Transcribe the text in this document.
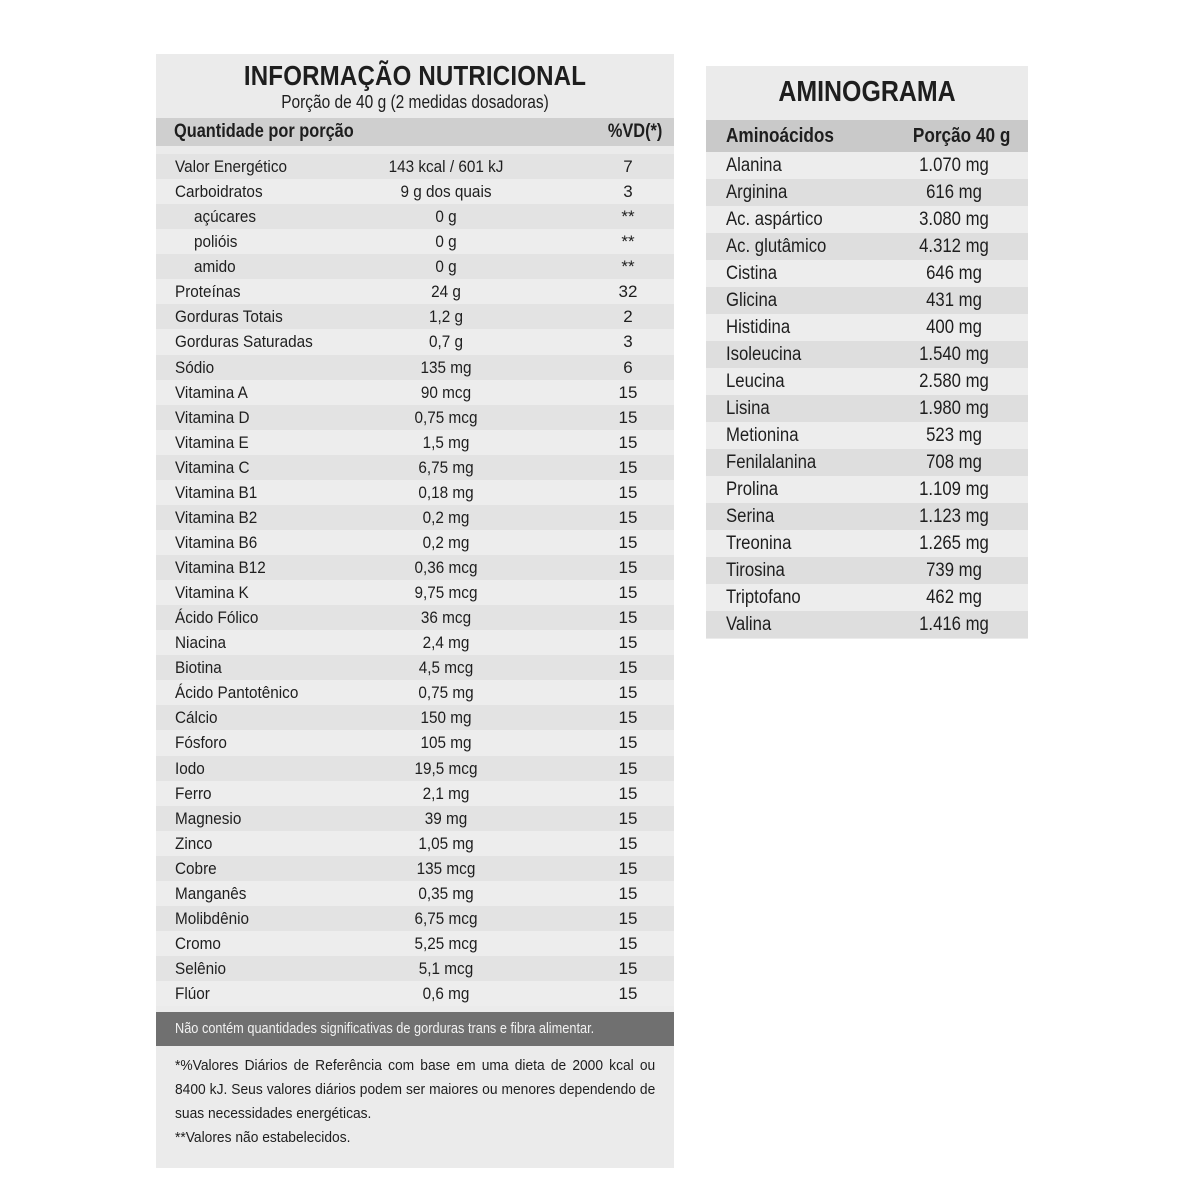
INFORMAÇÃO NUTRICIONAL
Porção de 40 g (2 medidas dosadoras)
Quantidade por porção	%VD(*)
Valor Energético	143 kcal / 601 kJ	7
Carboidratos	9 g dos quais	3
açúcares	0 g	**
polióis	0 g	**
amido	0 g	**
Proteínas	24 g	32
Gorduras Totais	1,2 g	2
Gorduras Saturadas	0,7 g	3
Sódio	135 mg	6
Vitamina A	90 mcg	15
Vitamina D	0,75 mcg	15
Vitamina E	1,5 mg	15
Vitamina C	6,75 mg	15
Vitamina B1	0,18 mg	15
Vitamina B2	0,2 mg	15
Vitamina B6	0,2 mg	15
Vitamina B12	0,36 mcg	15
Vitamina K	9,75 mcg	15
Ácido Fólico	36 mcg	15
Niacina	2,4 mg	15
Biotina	4,5 mcg	15
Ácido Pantotênico	0,75 mg	15
Cálcio	150 mg	15
Fósforo	105 mg	15
Iodo	19,5 mcg	15
Ferro	2,1 mg	15
Magnesio	39 mg	15
Zinco	1,05 mg	15
Cobre	135 mcg	15
Manganês	0,35 mg	15
Molibdênio	6,75 mcg	15
Cromo	5,25 mcg	15
Selênio	5,1 mcg	15
Flúor	0,6 mg	15
Não contém quantidades significativas de gorduras trans e fibra alimentar.
*%Valores Diários de Referência com base em uma dieta de 2000 kcal ou 8400 kJ. Seus valores diários podem ser maiores ou menores dependendo de suas necessidades energéticas.
**Valores não estabelecidos.
AMINOGRAMA
Aminoácidos	Porção 40 g
Alanina	1.070 mg
Arginina	616 mg
Ac. aspártico	3.080 mg
Ac. glutâmico	4.312 mg
Cistina	646 mg
Glicina	431 mg
Histidina	400 mg
Isoleucina	1.540 mg
Leucina	2.580 mg
Lisina	1.980 mg
Metionina	523 mg
Fenilalanina	708 mg
Prolina	1.109 mg
Serina	1.123 mg
Treonina	1.265 mg
Tirosina	739 mg
Triptofano	462 mg
Valina	1.416 mg
